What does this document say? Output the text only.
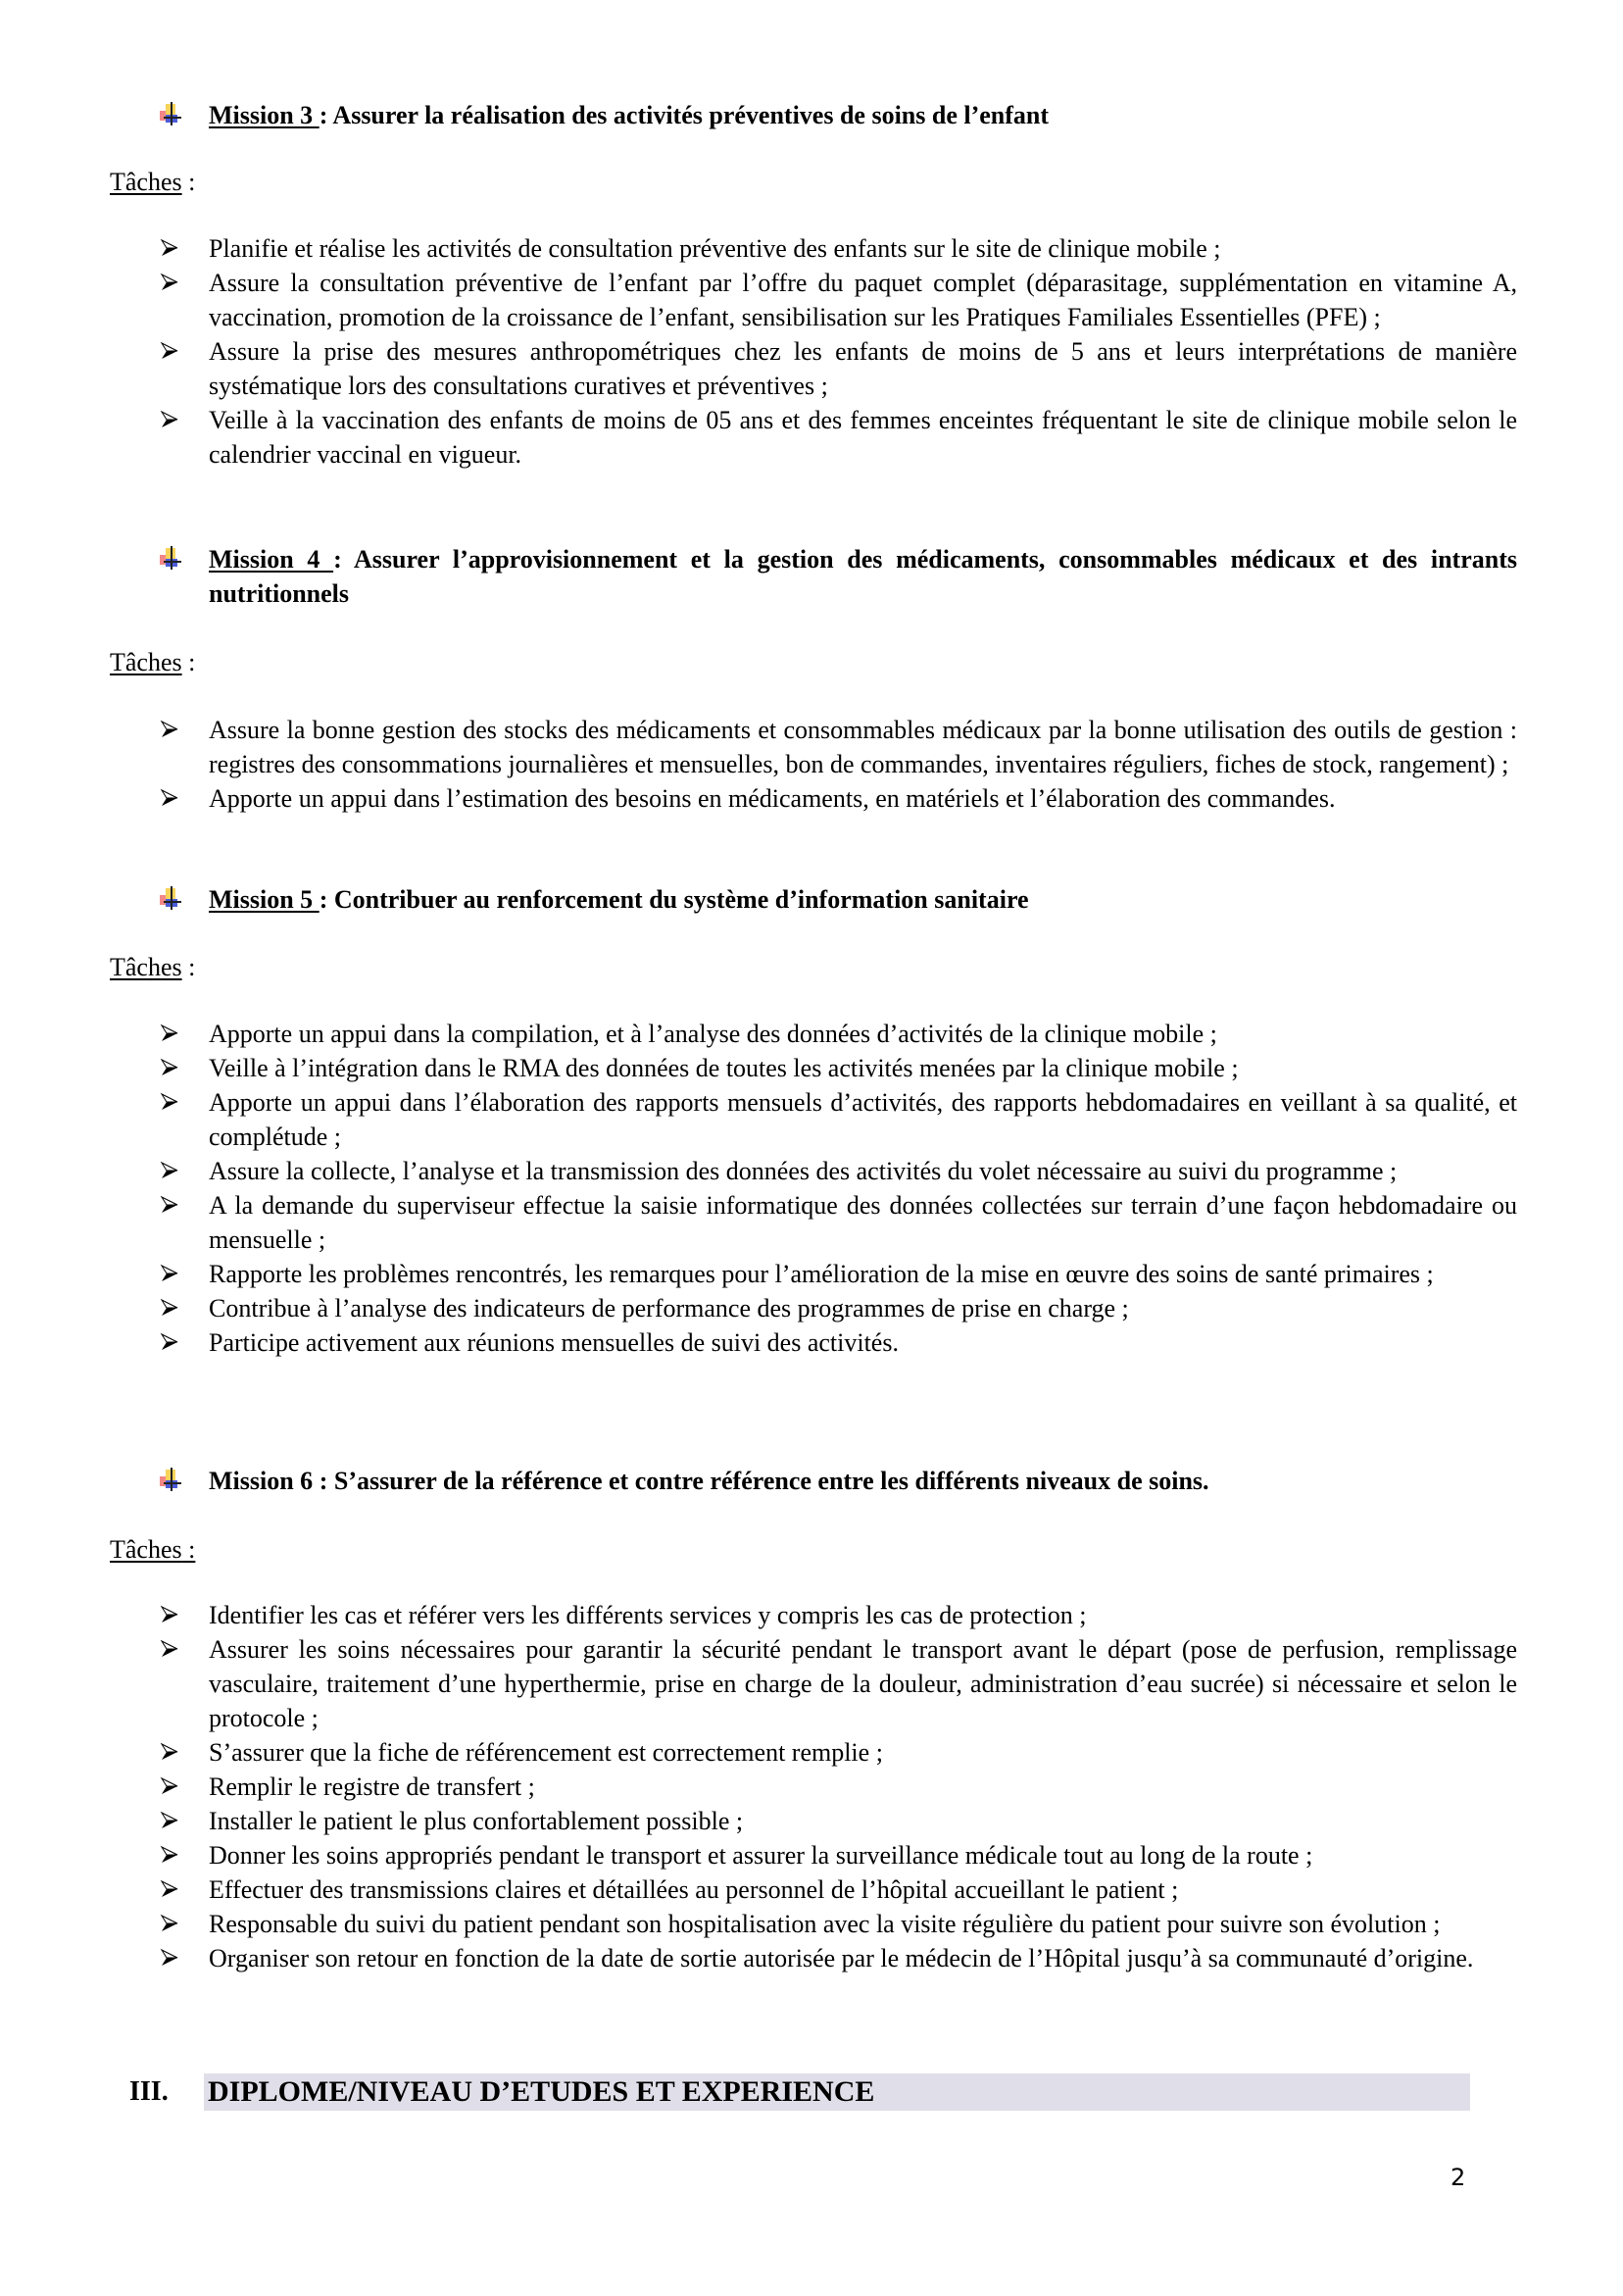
Mission 3 : Assurer la réalisation des activités préventives de soins de l’enfant
Tâches :
Planifie et réalise les activités de consultation préventive des enfants sur le site de clinique mobile ;
Assure la consultation préventive de l’enfant par l’offre du paquet complet (déparasitage, supplémentation en vitamine A, vaccination, promotion de la croissance de l’enfant, sensibilisation sur les Pratiques Familiales Essentielles (PFE) ;
Assure la prise des mesures anthropométriques chez les enfants de moins de 5 ans et leurs interprétations de manière systématique lors des consultations curatives et préventives ;
Veille à la vaccination des enfants de moins de 05 ans et des femmes enceintes fréquentant le site de clinique mobile selon le calendrier vaccinal en vigueur.
Mission 4 : Assurer l’approvisionnement et la gestion des médicaments, consommables médicaux et des intrants nutritionnels
Tâches :
Assure la bonne gestion des stocks des médicaments et consommables médicaux par la bonne utilisation des outils de gestion : registres des consommations journalières et mensuelles, bon de commandes, inventaires réguliers, fiches de stock, rangement) ;
Apporte un appui dans l’estimation des besoins en médicaments, en matériels et l’élaboration des commandes.
Mission 5 : Contribuer au renforcement du système d’information sanitaire
Tâches :
Apporte un appui dans la compilation, et à l’analyse des données d’activités de la clinique mobile ;
Veille à l’intégration dans le RMA des données de toutes les activités menées par la clinique mobile ;
Apporte un appui dans l’élaboration des rapports mensuels d’activités, des rapports hebdomadaires en veillant à sa qualité, et complétude ;
Assure la collecte, l’analyse et la transmission des données des activités du volet nécessaire au suivi du programme ;
A la demande du superviseur effectue la saisie informatique des données collectées sur terrain d’une façon hebdomadaire ou mensuelle ;
Rapporte les problèmes rencontrés, les remarques pour l’amélioration de la mise en œuvre des soins de santé primaires ;
Contribue à l’analyse des indicateurs de performance des programmes de prise en charge ;
Participe activement aux réunions mensuelles de suivi des activités.
Mission 6 : S’assurer de la référence et contre référence entre les différents niveaux de soins.
Tâches :
Identifier les cas et référer vers les différents services y compris les cas de protection ;
Assurer les soins nécessaires pour garantir la sécurité pendant le transport avant le départ (pose de perfusion, remplissage vasculaire, traitement d’une hyperthermie, prise en charge de la douleur, administration d’eau sucrée) si nécessaire et selon le protocole ;
S’assurer que la fiche de référencement est correctement remplie ;
Remplir le registre de transfert ;
Installer le patient le plus confortablement possible ;
Donner les soins appropriés pendant le transport et assurer la surveillance médicale tout au long de la route ;
Effectuer des transmissions claires et détaillées au personnel de l’hôpital accueillant le patient ;
Responsable du suivi du patient pendant son hospitalisation avec la visite régulière du patient pour suivre son évolution ;
Organiser son retour en fonction de la date de sortie autorisée par le médecin de l’Hôpital jusqu’à sa communauté d’origine.
III. DIPLOME/NIVEAU D’ETUDES ET EXPERIENCE
2
